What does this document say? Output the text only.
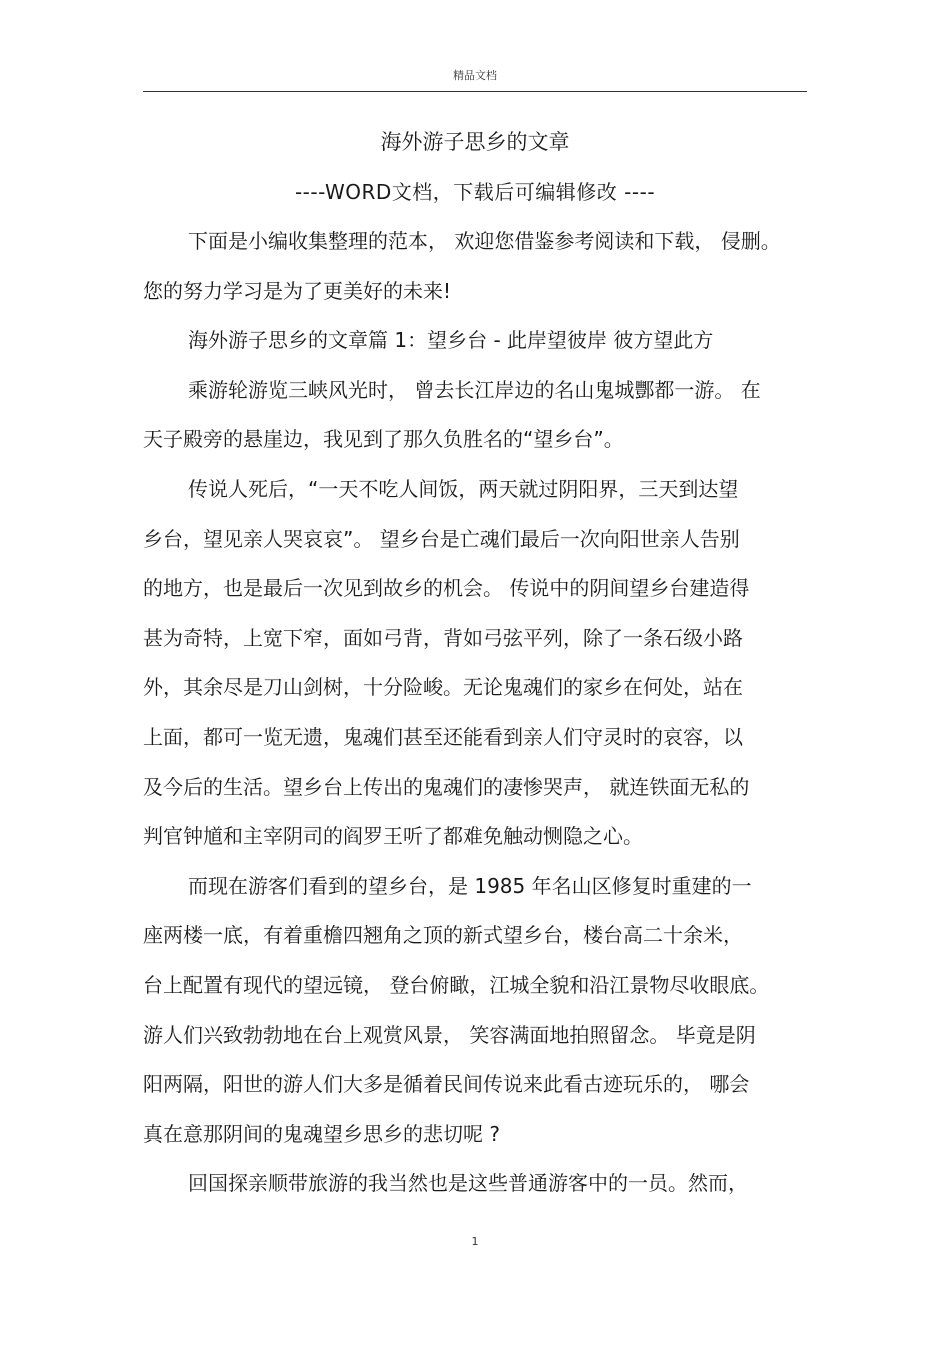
精品文档
海外游子思乡的文章
----WORD文档，下载后可编辑修改 ----
下面是小编收集整理的范本， 欢迎您借鉴参考阅读和下载， 侵删。
您的努力学习是为了更美好的未来!
海外游子思乡的文章篇 1：望乡台 - 此岸望彼岸 彼方望此方
乘游轮游览三峡风光时， 曾去长江岸边的名山鬼城酆都一游。 在
天子殿旁的悬崖边，我见到了那久负胜名的“望乡台”。
传说人死后，“一天不吃人间饭，两天就过阴阳界，三天到达望
乡台，望见亲人哭哀哀”。 望乡台是亡魂们最后一次向阳世亲人告别
的地方，也是最后一次见到故乡的机会。 传说中的阴间望乡台建造得
甚为奇特，上宽下窄，面如弓背，背如弓弦平列，除了一条石级小路
外，其余尽是刀山剑树，十分险峻。无论鬼魂们的家乡在何处，站在
上面，都可一览无遗，鬼魂们甚至还能看到亲人们守灵时的哀容，以
及今后的生活。望乡台上传出的鬼魂们的凄惨哭声， 就连铁面无私的
判官钟馗和主宰阴司的阎罗王听了都难免触动恻隐之心。
而现在游客们看到的望乡台，是 1985 年名山区修复时重建的一
座两楼一底，有着重檐四翘角之顶的新式望乡台，楼台高二十余米，
台上配置有现代的望远镜， 登台俯瞰，江城全貌和沿江景物尽收眼底。
游人们兴致勃勃地在台上观赏风景， 笑容满面地拍照留念。 毕竟是阴
阳两隔，阳世的游人们大多是循着民间传说来此看古迹玩乐的， 哪会
真在意那阴间的鬼魂望乡思乡的悲切呢 ?
回国探亲顺带旅游的我当然也是这些普通游客中的一员。然而，
1
